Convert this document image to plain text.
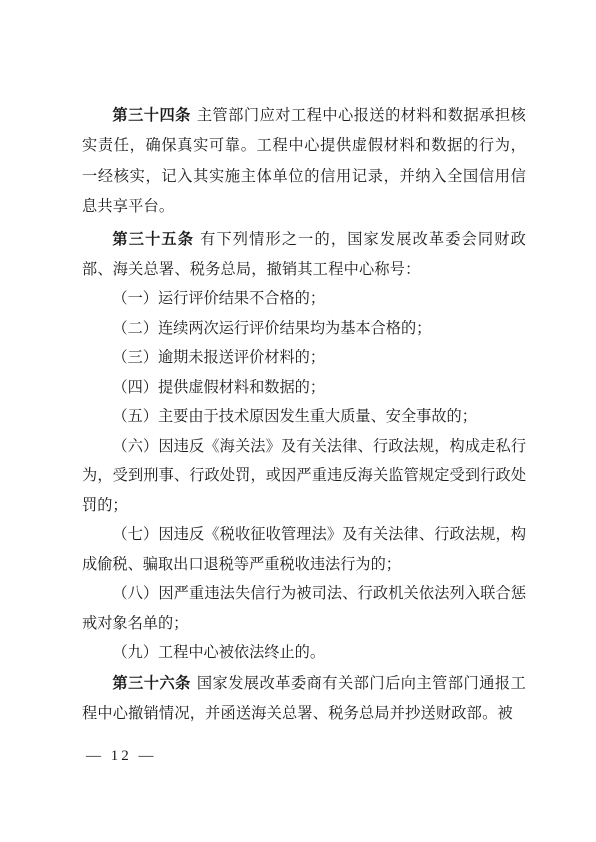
第三十四条 主管部门应对工程中心报送的材料和数据承担核实责任，确保真实可靠。工程中心提供虚假材料和数据的行为，一经核实，记入其实施主体单位的信用记录，并纳入全国信用信息共享平台。

第三十五条 有下列情形之一的，国家发展改革委会同财政部、海关总署、税务总局，撤销其工程中心称号：

（一）运行评价结果不合格的；

（二）连续两次运行评价结果均为基本合格的；

（三）逾期未报送评价材料的；

（四）提供虚假材料和数据的；

（五）主要由于技术原因发生重大质量、安全事故的；

（六）因违反《海关法》及有关法律、行政法规，构成走私行为，受到刑事、行政处罚，或因严重违反海关监管规定受到行政处罚的；

（七）因违反《税收征收管理法》及有关法律、行政法规，构成偷税、骗取出口退税等严重税收违法行为的；

（八）因严重违法失信行为被司法、行政机关依法列入联合惩戒对象名单的；

（九）工程中心被依法终止的。

第三十六条 国家发展改革委商有关部门后向主管部门通报工程中心撤销情况，并函送海关总署、税务总局并抄送财政部。被

— 12 —
